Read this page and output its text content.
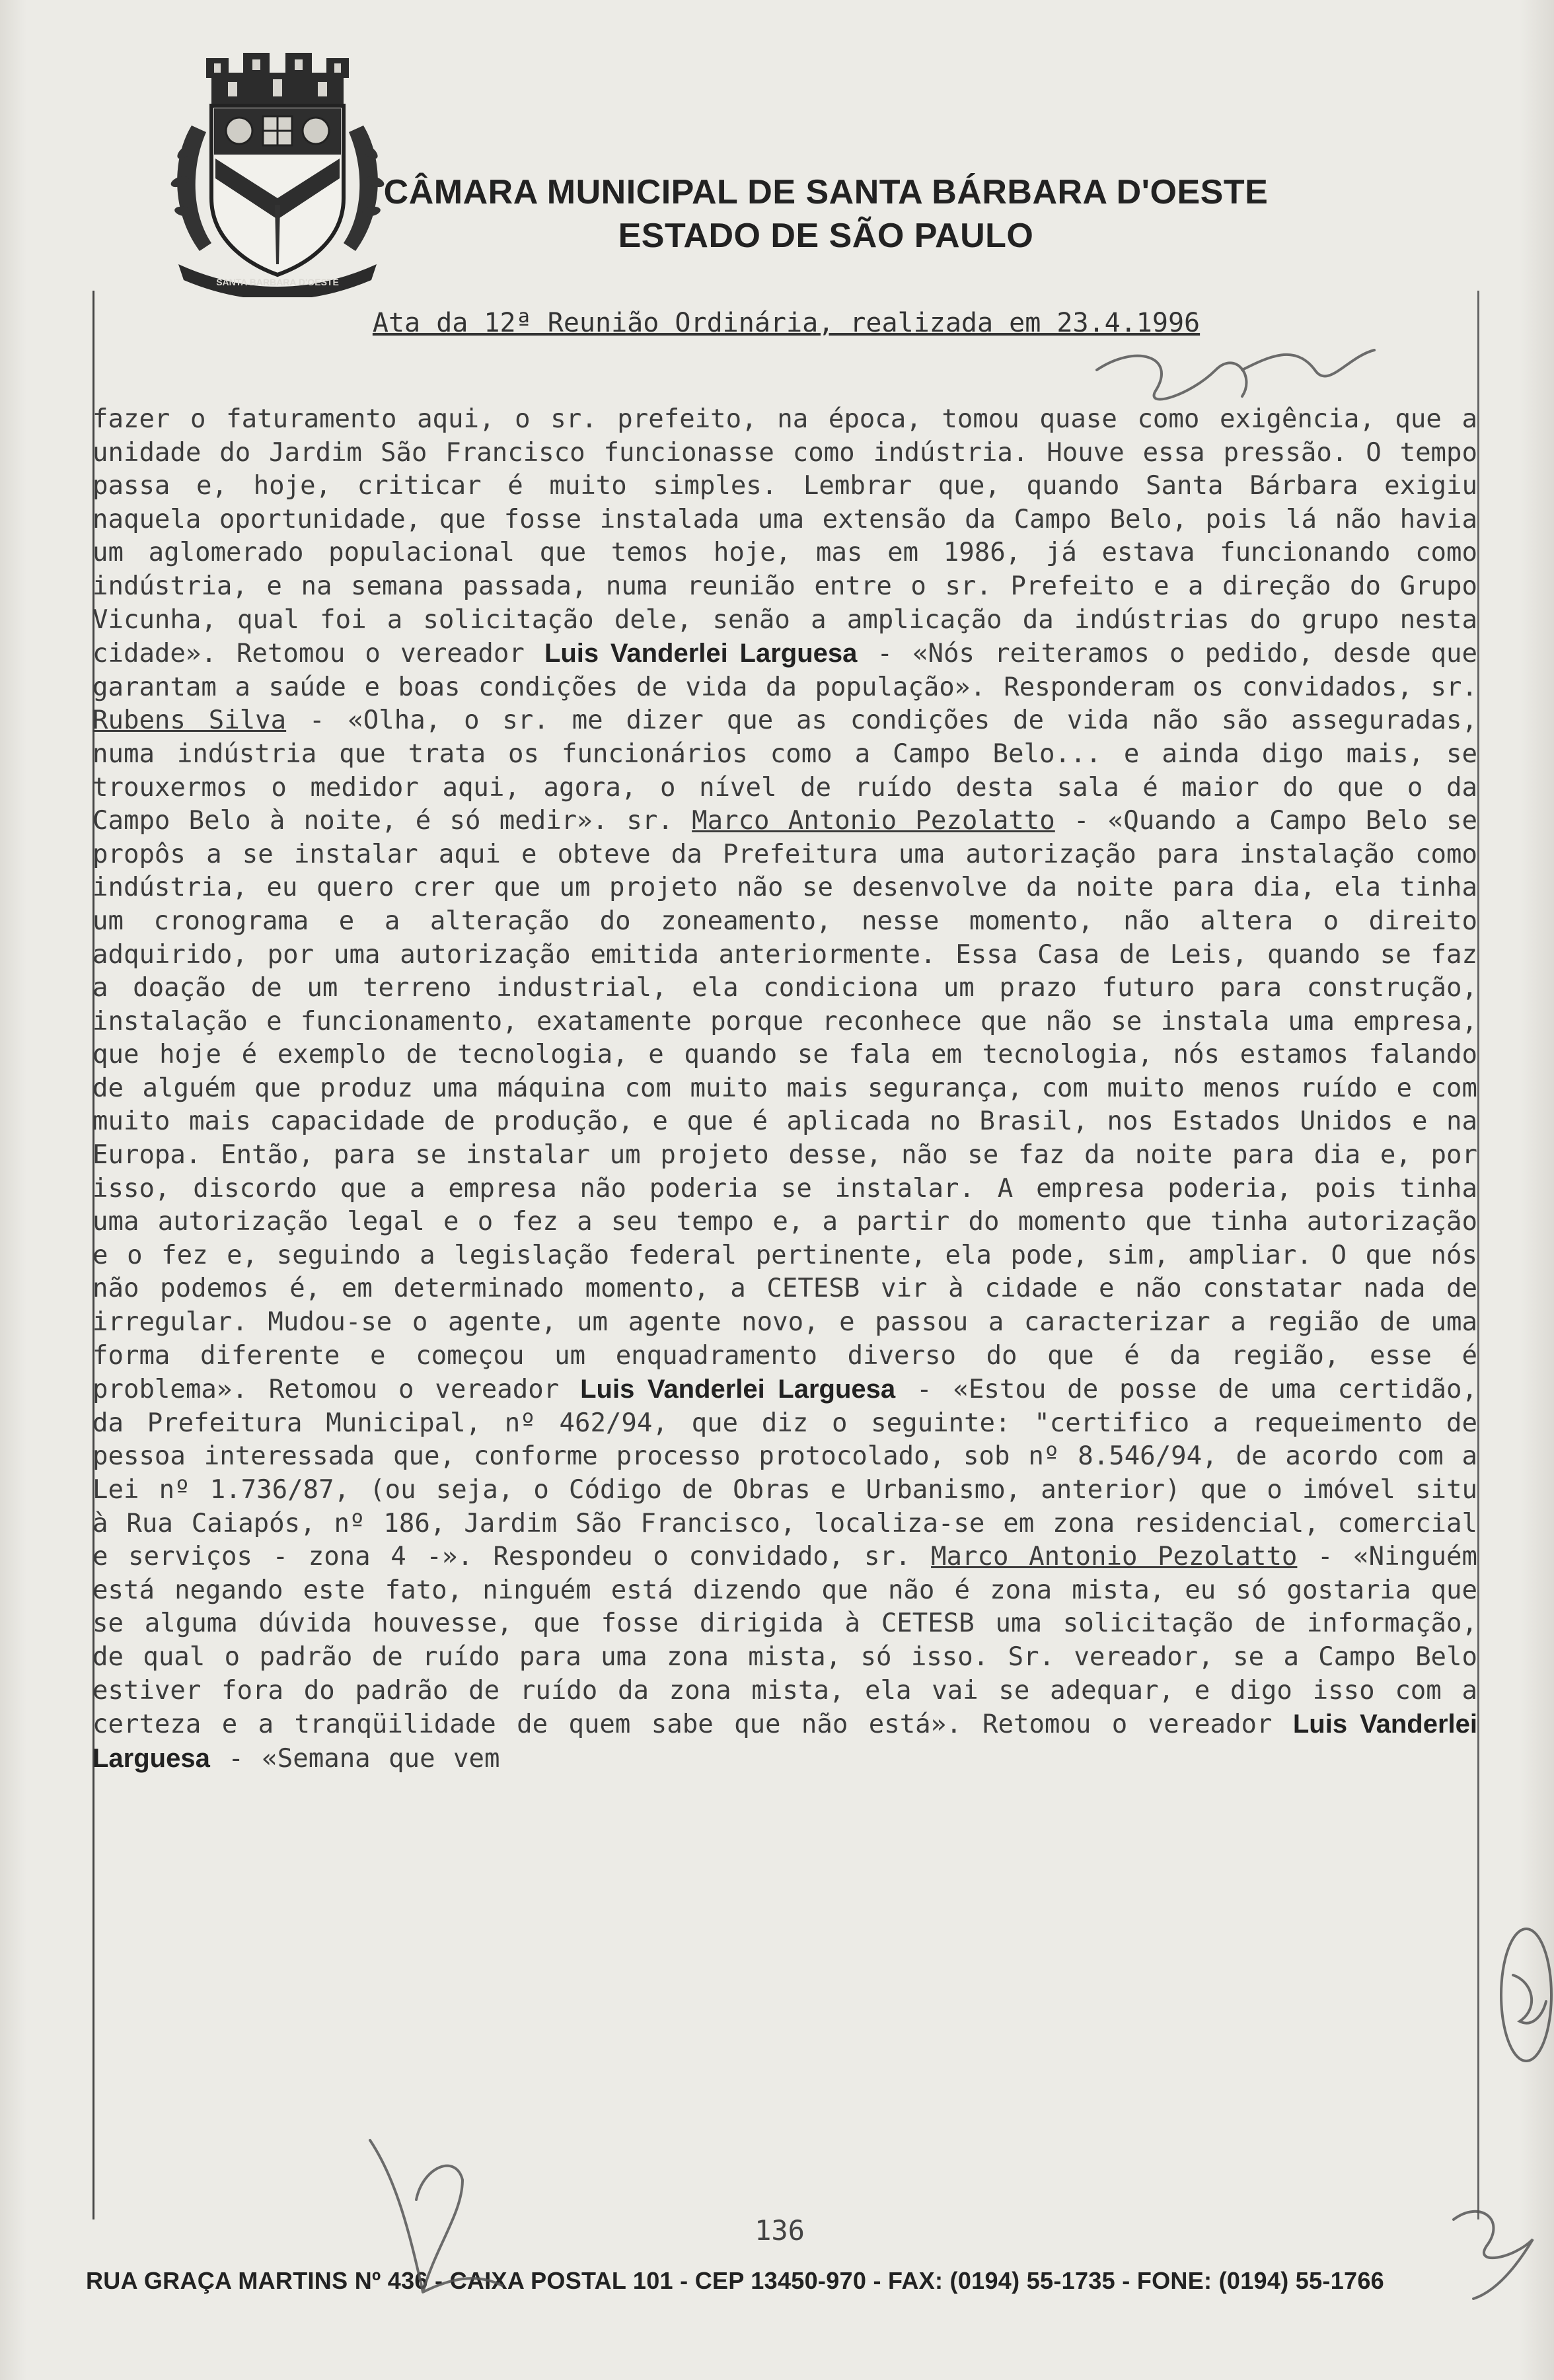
SANTA BARBARA D'OESTE
CÂMARA MUNICIPAL DE SANTA BÁRBARA D'OESTE
ESTADO DE SÃO PAULO
Ata da 12ª Reunião Ordinária, realizada em 23.4.1996

fazer o faturamento aqui, o sr. prefeito, na época, tomou quase como exigência, que a unidade do Jardim São Francisco funcionasse como indústria. Houve essa pressão. O tempo passa e, hoje, criticar é muito simples. Lembrar que, quando Santa Bárbara exigiu naquela oportunidade, que fosse instalada uma extensão da Campo Belo, pois lá não havia um aglomerado populacional que temos hoje, mas em 1986, já estava funcionando como indústria, e na semana passada, numa reunião entre o sr. Prefeito e a direção do Grupo Vicunha, qual foi a solicitação dele, senão a amplicação da indústrias do grupo nesta cidade». Retomou o vereador Luis Vanderlei Larguesa - «Nós reiteramos o pedido, desde que garantam a saúde e boas condições de vida da população». Responderam os convidados, sr. Rubens Silva - «Olha, o sr. me dizer que as condições de vida não são asseguradas, numa indústria que trata os funcionários como a Campo Belo... e ainda digo mais, se trouxermos o medidor aqui, agora, o nível de ruído desta sala é maior do que o da Campo Belo à noite, é só medir». sr. Marco Antonio Pezolatto - «Quando a Campo Belo se propôs a se instalar aqui e obteve da Prefeitura uma autorização para instalação como indústria, eu quero crer que um projeto não se desenvolve da noite para dia, ela tinha um cronograma e a alteração do zoneamento, nesse momento, não altera o direito adquirido, por uma autorização emitida anteriormente. Essa Casa de Leis, quando se faz a doação de um terreno industrial, ela condiciona um prazo futuro para construção, instalação e funcionamento, exatamente porque reconhece que não se instala uma empresa, que hoje é exemplo de tecnologia, e quando se fala em tecnologia, nós estamos falando de alguém que produz uma máquina com muito mais segurança, com muito menos ruído e com muito mais capacidade de produção, e que é aplicada no Brasil, nos Estados Unidos e na Europa. Então, para se instalar um projeto desse, não se faz da noite para dia e, por isso, discordo que a empresa não poderia se instalar. A empresa poderia, pois tinha uma autorização legal e o fez a seu tempo e, a partir do momento que tinha autorização e o fez e, seguindo a legislação federal pertinente, ela pode, sim, ampliar. O que nós não podemos é, em determinado momento, a CETESB vir à cidade e não constatar nada de irregular. Mudou-se o agente, um agente novo, e passou a caracterizar a região de uma forma diferente e começou um enquadramento diverso do que é da região, esse é problema». Retomou o vereador Luis Vanderlei Larguesa - «Estou de posse de uma certidão, da Prefeitura Municipal, nº 462/94, que diz o seguinte: "certifico a requeimento de pessoa interessada que, conforme processo protocolado, sob nº 8.546/94, de acordo com a Lei nº 1.736/87, (ou seja, o Código de Obras e Urbanismo, anterior) que o imóvel situ à Rua Caiapós, nº 186, Jardim São Francisco, localiza-se em zona residencial, comercial e serviços - zona 4 -». Respondeu o convidado, sr. Marco Antonio Pezolatto - «Ninguém está negando este fato, ninguém está dizendo que não é zona mista, eu só gostaria que se alguma dúvida houvesse, que fosse dirigida à CETESB uma solicitação de informação, de qual o padrão de ruído para uma zona mista, só isso. Sr. vereador, se a Campo Belo estiver fora do padrão de ruído da zona mista, ela vai se adequar, e digo isso com a certeza e a tranqüilidade de quem sabe que não está». Retomou o vereador Luis Vanderlei Larguesa - «Semana que vem

136
RUA GRAÇA MARTINS Nº 436 - CAIXA POSTAL 101 - CEP 13450-970 - FAX: (0194) 55-1735 - FONE: (0194) 55-1766
